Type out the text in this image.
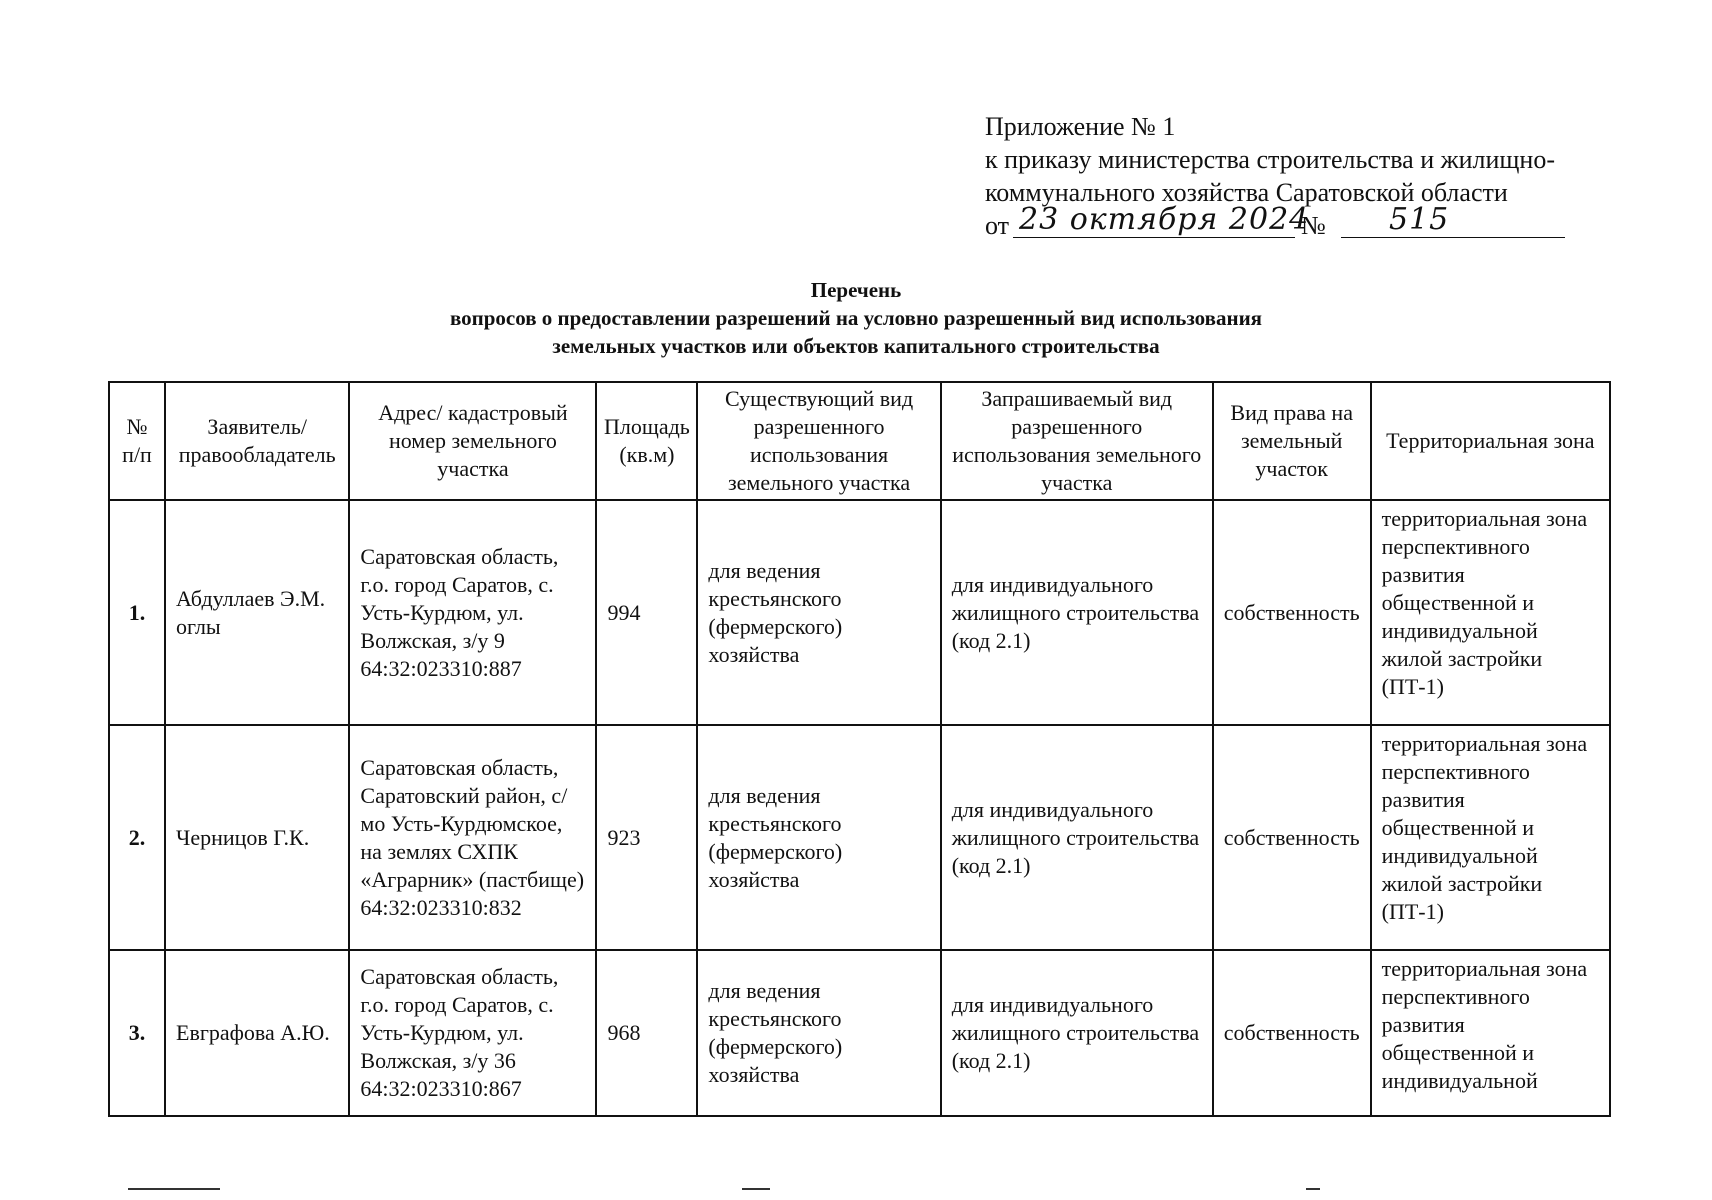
Приложение № 1
к приказу министерства строительства и жилищно-
коммунального хозяйства Саратовской области
от 23 октября 2024
№ 515
Перечень
вопросов о предоставлении разрешений на условно разрешенный вид использования
земельных участков или объектов капитального строительства
№ п/п	Заявитель/ правообладатель	Адрес/ кадастровый номер земельного участка	Площадь (кв.м)	Существующий вид разрешенного использования земельного участка	Запрашиваемый вид разрешенного использования земельного участка	Вид права на земельный участок	Территориальная зона
1.	Абдуллаев Э.М. оглы	Саратовская область, г.о. город Саратов, с. Усть-Курдюм, ул. Волжская, з/у 9 64:32:023310:887	994	для ведения крестьянского (фермерского) хозяйства	для индивидуального жилищного строительства (код 2.1)	собственность	территориальная зона перспективного развития общественной и индивидуальной жилой застройки (ПТ-1)
2.	Черницов Г.К.	Саратовская область, Саратовский район, с/мо Усть-Курдюмское, на землях СХПК «Аграрник» (пастбище) 64:32:023310:832	923	для ведения крестьянского (фермерского) хозяйства	для индивидуального жилищного строительства (код 2.1)	собственность	территориальная зона перспективного развития общественной и индивидуальной жилой застройки (ПТ-1)
3.	Евграфова А.Ю.	Саратовская область, г.о. город Саратов, с. Усть-Курдюм, ул. Волжская, з/у 36 64:32:023310:867	968	для ведения крестьянского (фермерского) хозяйства	для индивидуального жилищного строительства (код 2.1)	собственность	территориальная зона перспективного развития общественной и индивидуальной
